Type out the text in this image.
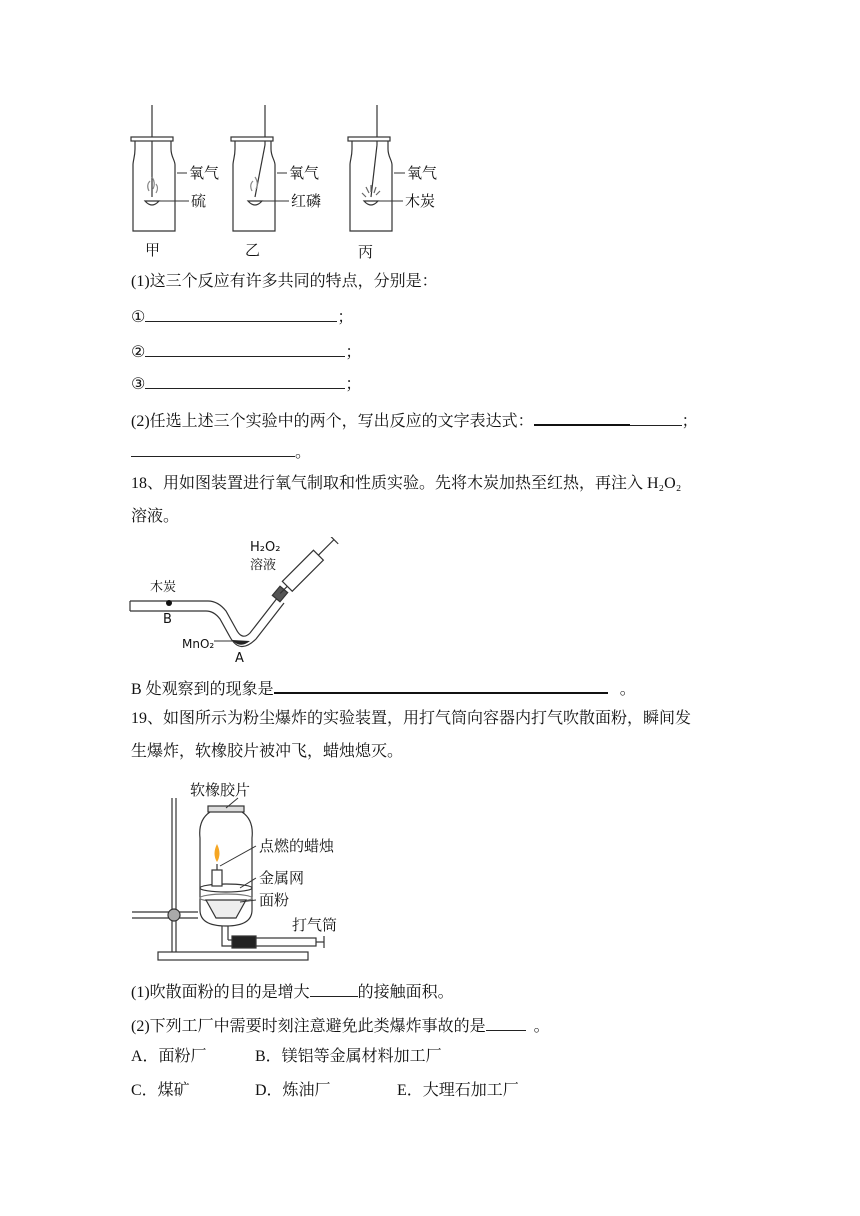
氧气
硫
甲
氧气
红磷
乙
氧气
木炭
丙
(1)这三个反应有许多共同的特点，分别是：
①	；
②	；
③	；
(2)任选上述三个实验中的两个，写出反应的文字表达式：	；
。
18、用如图装置进行氧气制取和性质实验。先将木炭加热至红热，再注入 H₂O₂
溶液。
H₂O₂
溶液
木炭
B
MnO₂
A
B 处观察到的现象是	。
19、如图所示为粉尘爆炸的实验装置，用打气筒向容器内打气吹散面粉，瞬间发
生爆炸，软橡胶片被冲飞，蜡烛熄灭。
软橡胶片
点燃的蜡烛
金属网
面粉
打气筒
(1)吹散面粉的目的是增大	的接触面积。
(2)下列工厂中需要时刻注意避免此类爆炸事故的是	。
A．面粉厂	B．镁铝等金属材料加工厂
C．煤矿	D．炼油厂	E．大理石加工厂
